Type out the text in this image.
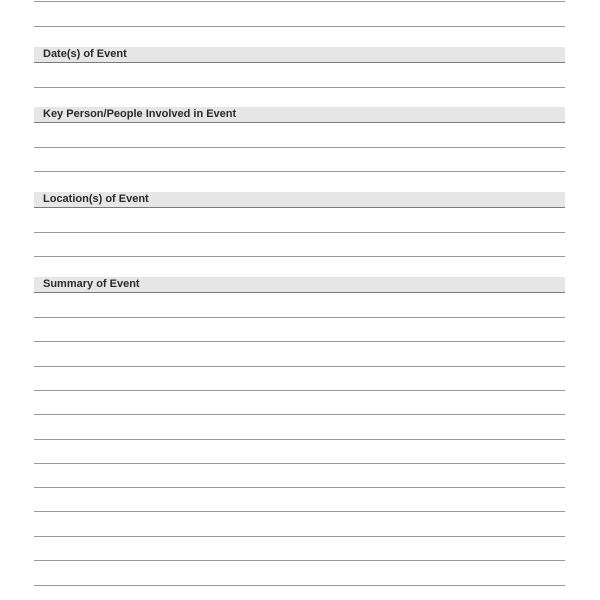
Date(s) of Event
Key Person/People Involved in Event
Location(s) of Event
Summary of Event
